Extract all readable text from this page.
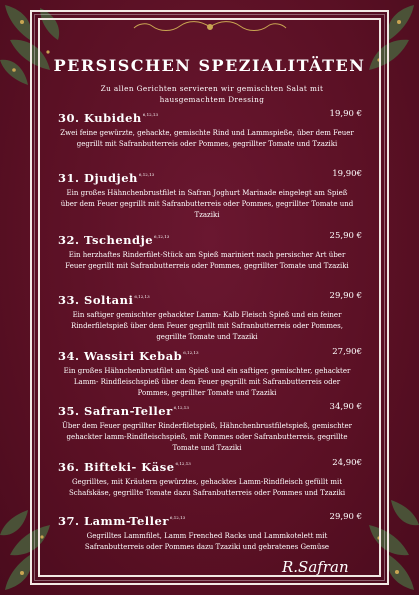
PERSISCHEN SPEZIALITÄTEN
Zu allen Gerichten servieren wir gemischten Salat mit hausgemachtem Dressing
30. Kubideh$^{6,12,13}$	19,90 €
Zwei feine gewürzte, gehackte, gemischte Rind und Lammspieße, über dem Feuer gegrillt mit Safranbutterreis oder Pommes, gegrillter Tomate und Tzaziki
31. Djudjeh$^{6,12,13}$	19,90€
Ein großes Hähnchenbrustfilet in Safran Joghurt Marinade eingelegt am Spieß über dem Feuer gegrillt mit Safranbutterreis oder Pommes, gegrillter Tomate und Tzaziki
32. Tschendje$^{6,12,13}$	25,90 €
Ein herzhaftes Rinderfilet-Stück am Spieß mariniert nach persischer Art über Feuer gegrillt mit Safranbutterreis oder Pommes, gegrillter Tomate und Tzaziki
33. Soltani$^{6,12,13}$	29,90 €
Ein saftiger gemischter gehackter Lamm- Kalb Fleisch Spieß und ein feiner Rinderfiletspieß über dem Feuer gegrillt mit Safranbutterreis oder Pommes, gegrillte Tomate und Tzaziki
34. Wassiri Kebab$^{6,12,13}$	27,90€
Ein großes Hähnchenbrustfilet am Spieß und ein saftiger, gemischter, gehackter Lamm- Rindfleischspieß über dem Feuer gegrillt mit Safranbutterreis oder Pommes, gegrillter Tomate und Tzaziki
35. Safran-Teller$^{6,12,13}$	34,90 €
Über dem Feuer gegrillter Rinderfiletspieß, Hähnchenbrustfiletspieß, gemischter gehackter lamm-Rindfleischspieß, mit Pommes oder Safranbutterreis, gegrillte Tomate und Tzaziki
36. Bifteki- Käse$^{6,12,13}$	24,90€
Gegrilltes, mit Kräutern gewürztes, gehacktes Lamm-Rindfleisch gefüllt mit Schafskäse, gegrillte Tomate dazu Safranbutterreis oder Pommes und Tzaziki
37. Lamm-Teller$^{6,12,13}$	29,90 €
Gegrilltes Lammfilet, Lamm Frenched Racks und Lammkotelett mit Safranbutterreis oder Pommes dazu Tzaziki und gebratenes Gemüse
R.Safran
